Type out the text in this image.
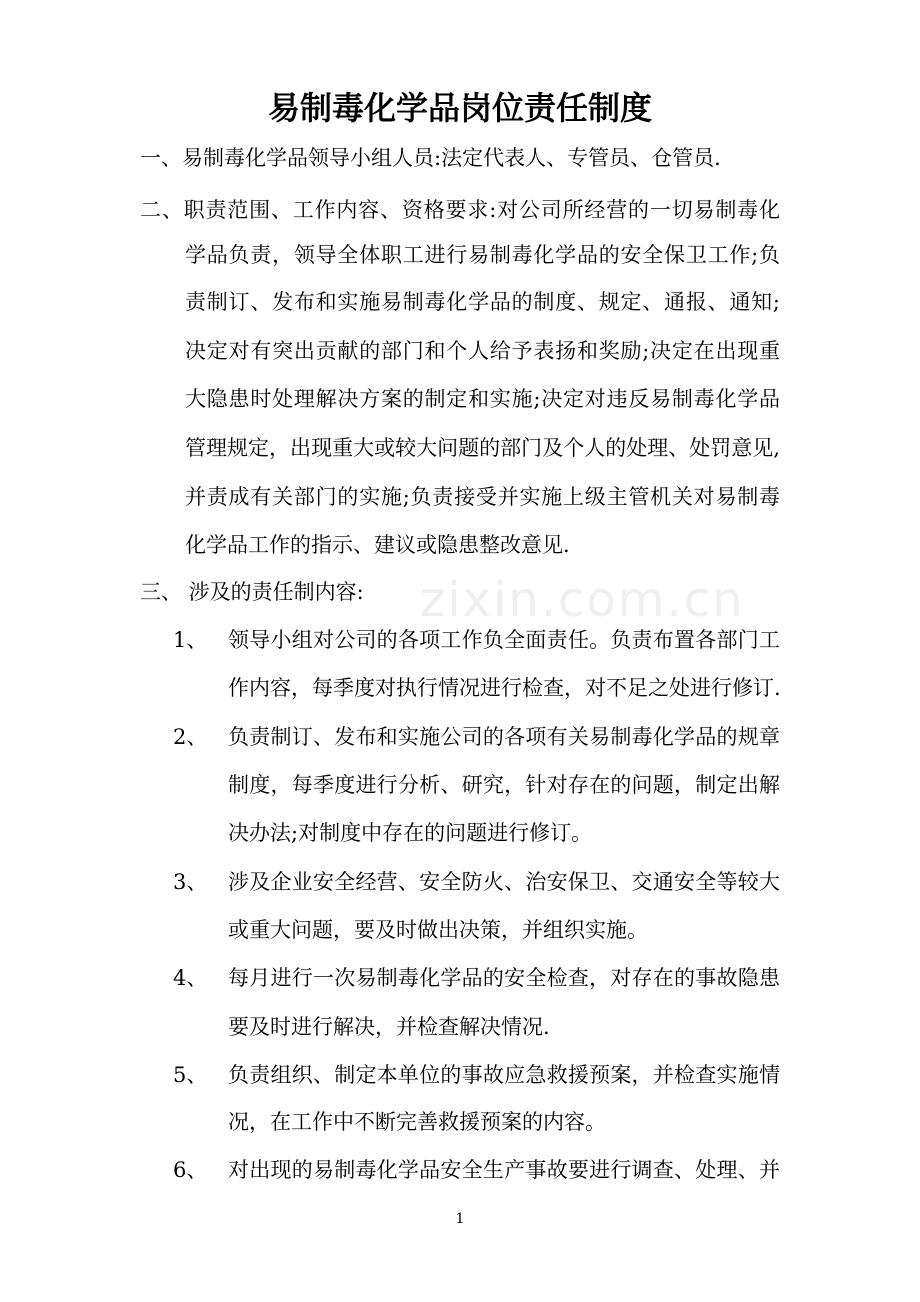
zixin.com.cn
易制毒化学品岗位责任制度
一、易制毒化学品领导小组人员:法定代表人、专管员、仓管员.
二、职责范围、工作内容、资格要求:对公司所经营的一切易制毒化
学品负责，领导全体职工进行易制毒化学品的安全保卫工作;负
责制订、发布和实施易制毒化学品的制度、规定、通报、通知;
决定对有突出贡献的部门和个人给予表扬和奖励;决定在出现重
大隐患时处理解决方案的制定和实施;决定对违反易制毒化学品
管理规定，出现重大或较大问题的部门及个人的处理、处罚意见,
并责成有关部门的实施;负责接受并实施上级主管机关对易制毒
化学品工作的指示、建议或隐患整改意见.
三、 涉及的责任制内容:
1、 领导小组对公司的各项工作负全面责任。负责布置各部门工
作内容，每季度对执行情况进行检查，对不足之处进行修订.
2、 负责制订、发布和实施公司的各项有关易制毒化学品的规章
制度，每季度进行分析、研究，针对存在的问题，制定出解
决办法;对制度中存在的问题进行修订。
3、 涉及企业安全经营、安全防火、治安保卫、交通安全等较大
或重大问题，要及时做出决策，并组织实施。
4、 每月进行一次易制毒化学品的安全检查，对存在的事故隐患
要及时进行解决，并检查解决情况.
5、 负责组织、制定本单位的事故应急救援预案，并检查实施情
况，在工作中不断完善救援预案的内容。
6、 对出现的易制毒化学品安全生产事故要进行调查、处理、并
1
